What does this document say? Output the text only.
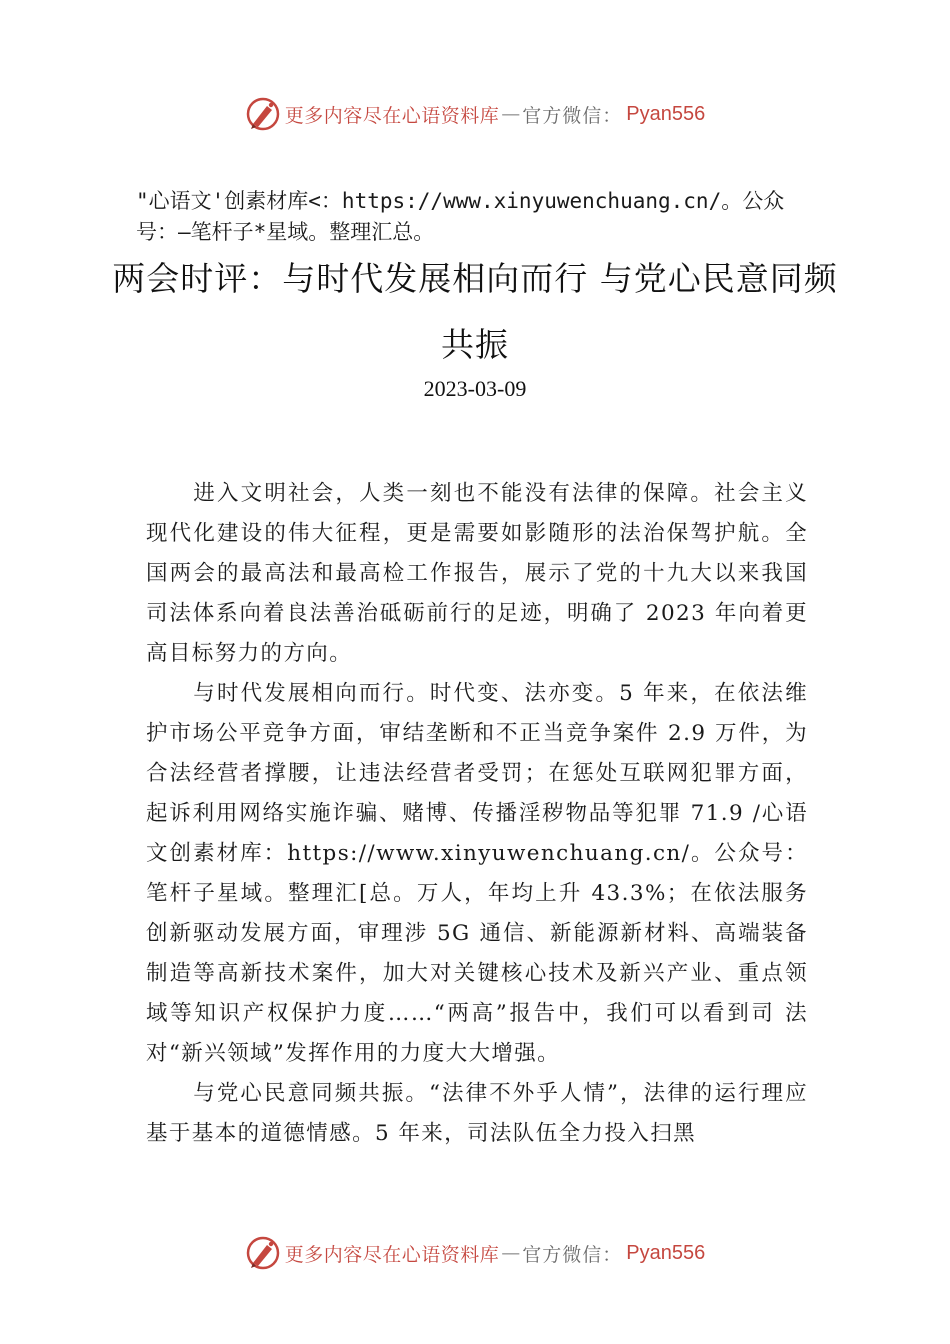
更多内容尽在心语资料库 — 官方微信： Pyan556
"心语文'创素材库<：https://www.xinyuwenchuang.cn/。公众号：—笔杆子*星域。整理汇总。
两会时评：与时代发展相向而行 与党心民意同频共振
2023-03-09

进入文明社会，人类一刻也不能没有法律的保障。社会主义现代化建设的伟大征程，更是需要如影随形的法治保驾护航。全国两会的最高法和最高检工作报告，展示了党的十九大以来我国司法体系向着良法善治砥砺前行的足迹，明确了 2023 年向着更高目标努力的方向。

与时代发展相向而行。时代变、法亦变。5 年来，在依法维护市场公平竞争方面，审结垄断和不正当竞争案件 2.9 万件，为合法经营者撑腰，让违法经营者受罚；在惩处互联网犯罪方面，起诉利用网络实施诈骗、赌博、传播淫秽物品等犯罪 71.9 /心语文创素材库：https://www.xinyuwenchuang.cn/。公众号：笔杆子星域。整理汇[总。万人，年均上升 43.3%；在依法服务创新驱动发展方面，审理涉 5G 通信、新能源新材料、高端装备制造等高新技术案件，加大对关键核心技术及新兴产业、重点领域等知识产权保护力度……“两高”报告中，我们可以看到司 法对“新兴领域”发挥作用的力度大大增强。

与党心民意同频共振。“法律不外乎人情”，法律的运行理应基于基本的道德情感。5 年来，司法队伍全力投入扫黑

更多内容尽在心语资料库 — 官方微信： Pyan556
